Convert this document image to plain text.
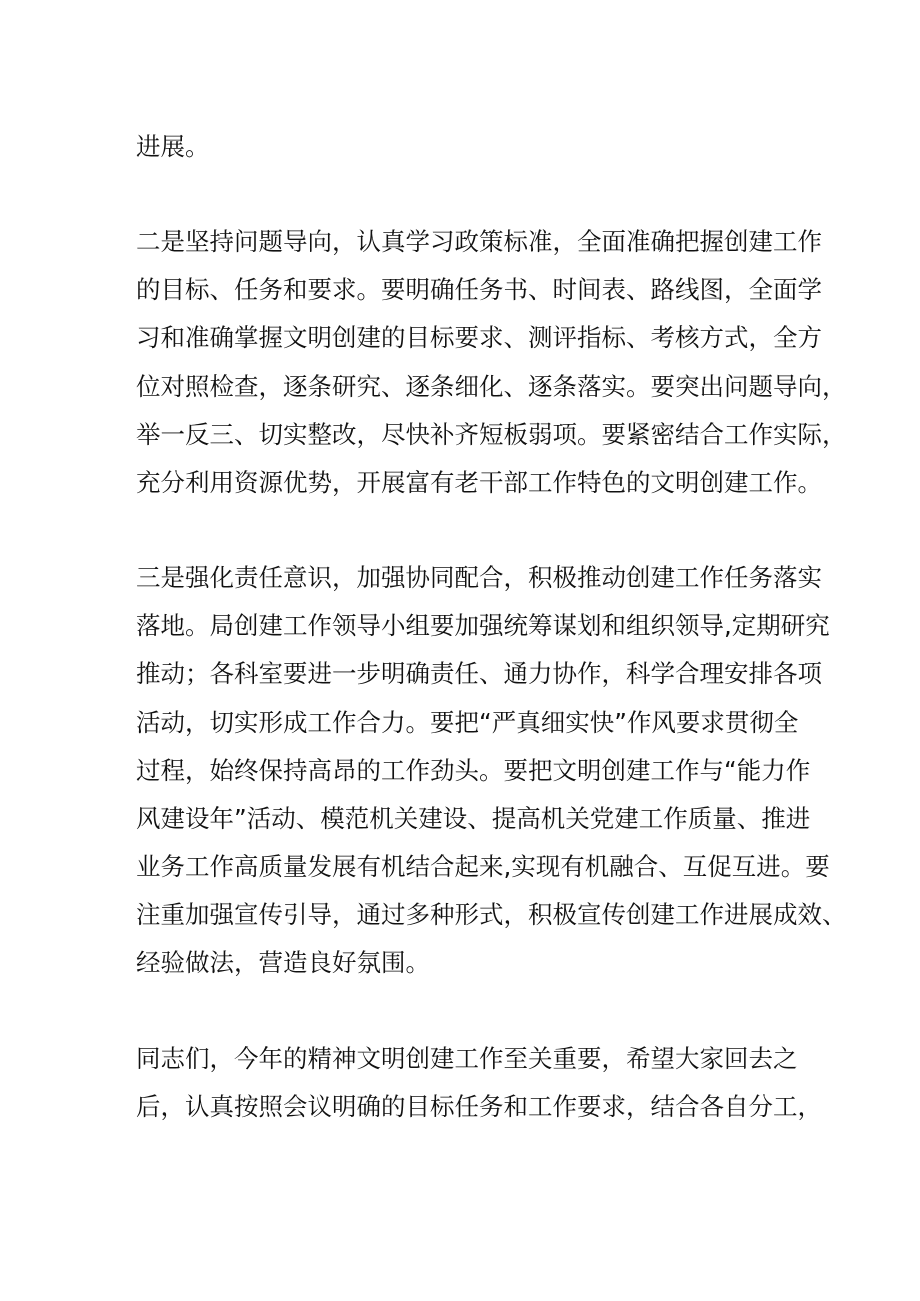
进展。

二是坚持问题导向，认真学习政策标准，全面准确把握创建工作

的目标、任务和要求。要明确任务书、时间表、路线图，全面学

习和准确掌握文明创建的目标要求、测评指标、考核方式，全方

位对照检查，逐条研究、逐条细化、逐条落实。要突出问题导向，

举一反三、切实整改，尽快补齐短板弱项。要紧密结合工作实际，

充分利用资源优势，开展富有老干部工作特色的文明创建工作。

三是强化责任意识，加强协同配合，积极推动创建工作任务落实

落地。局创建工作领导小组要加强统筹谋划和组织领导,定期研究

推动；各科室要进一步明确责任、通力协作，科学合理安排各项

活动，切实形成工作合力。要把“严真细实快”作风要求贯彻全

过程，始终保持高昂的工作劲头。要把文明创建工作与“能力作

风建设年”活动、模范机关建设、提高机关党建工作质量、推进

业务工作高质量发展有机结合起来,实现有机融合、互促互进。要

注重加强宣传引导，通过多种形式，积极宣传创建工作进展成效、

经验做法，营造良好氛围。

同志们，今年的精神文明创建工作至关重要，希望大家回去之

后，认真按照会议明确的目标任务和工作要求，结合各自分工，
